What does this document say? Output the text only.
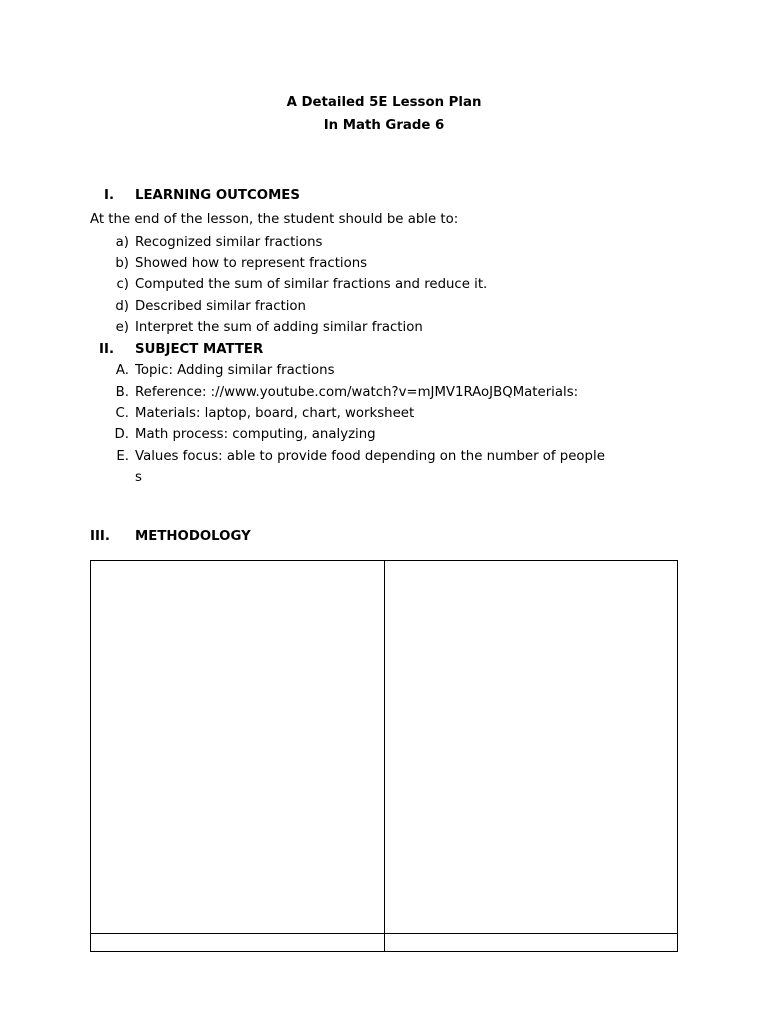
A Detailed 5E Lesson Plan
In Math Grade 6
I. LEARNING OUTCOMES
At the end of the lesson, the student should be able to:
a) Recognized similar fractions
b) Showed how to represent fractions
c) Computed the sum of similar fractions and reduce it.
d) Described similar fraction
e) Interpret the sum of adding similar fraction
II. SUBJECT MATTER
A. Topic: Adding similar fractions
B. Reference: ://www.youtube.com/watch?v=mJMV1RAoJBQMaterials:
C. Materials: laptop, board, chart, worksheet
D. Math process: computing, analyzing
E. Values focus: able to provide food depending on the number of people
s
III.	METHODOLOGY
